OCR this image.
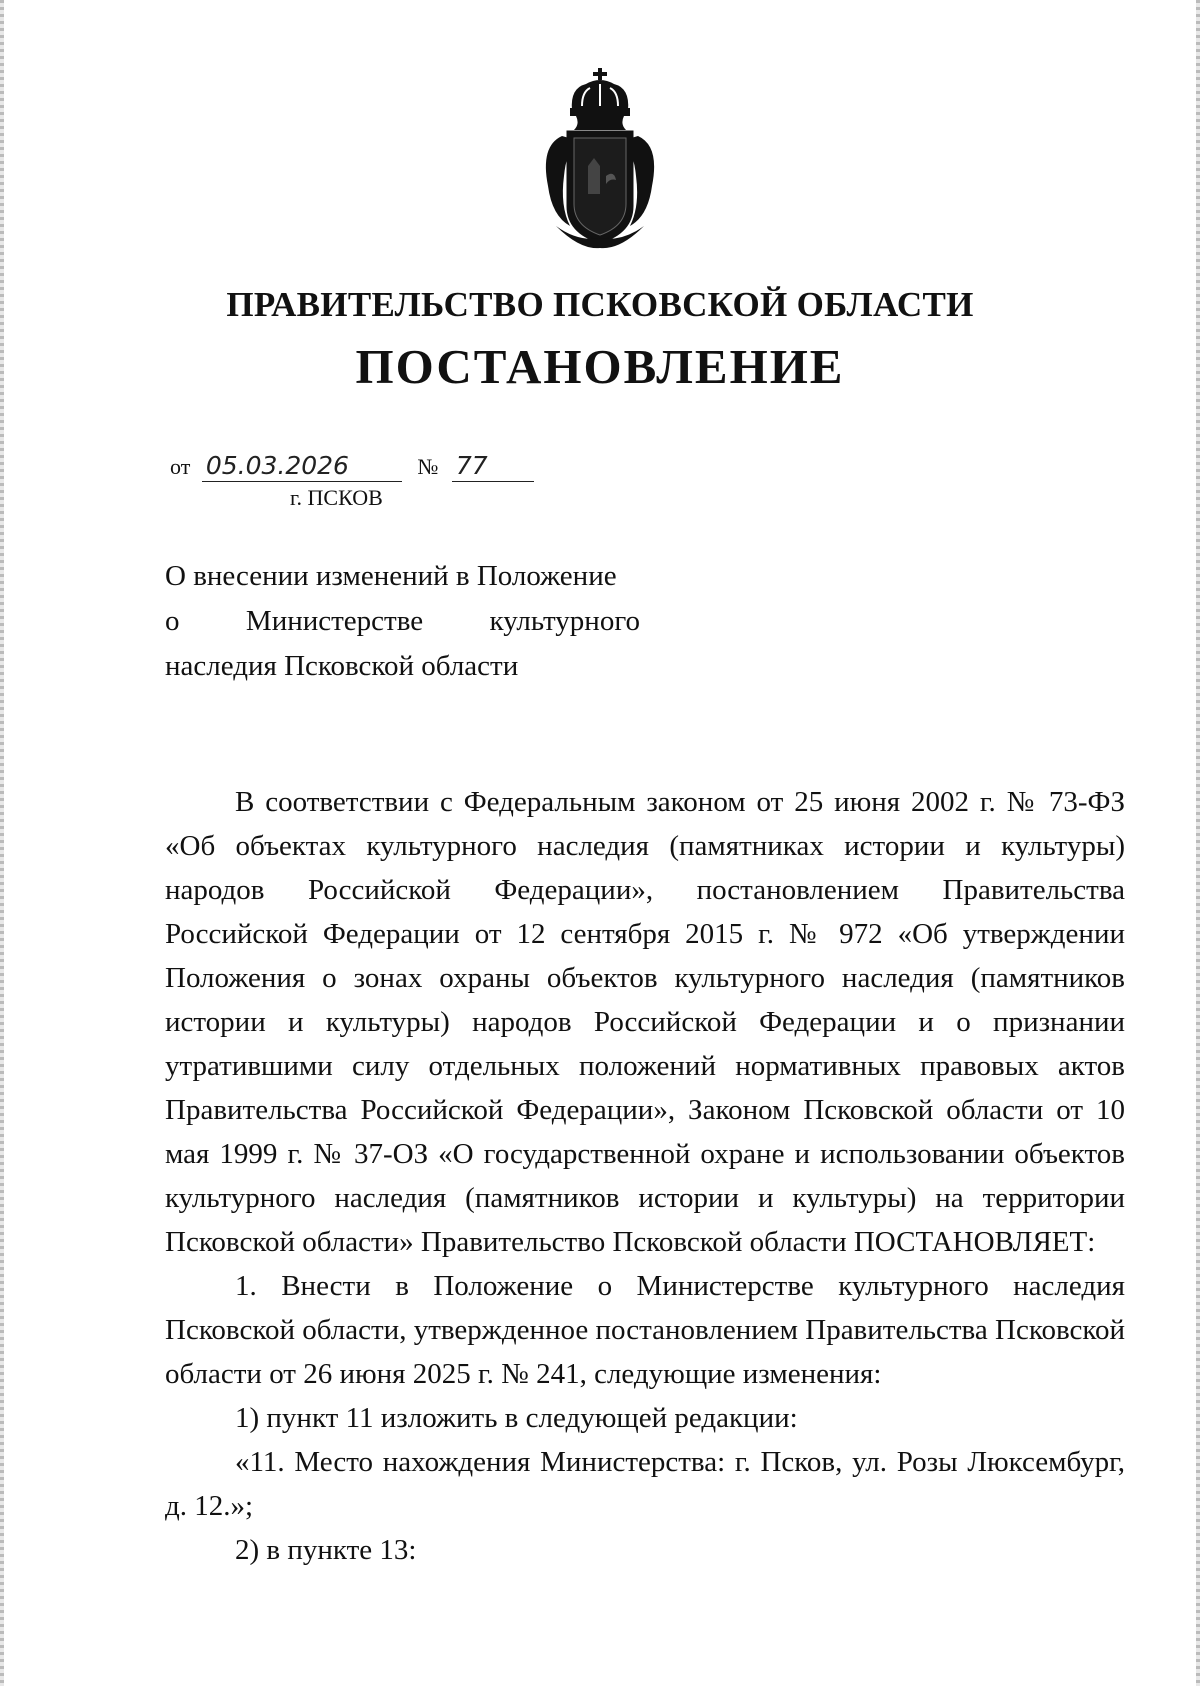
ПРАВИТЕЛЬСТВО ПСКОВСКОЙ ОБЛАСТИ
ПОСТАНОВЛЕНИЕ
от 05.03.2026	№ 77
г. ПСКОВ
О внесении изменений в Положение
о Министерстве культурного
наследия Псковской области

В соответствии с Федеральным законом от 25 июня 2002 г. № 73-ФЗ «Об объектах культурного наследия (памятниках истории и культуры) народов Российской Федерации», постановлением Правительства Российской Федерации от 12 сентября 2015 г. № 972 «Об утверждении Положения о зонах охраны объектов культурного наследия (памятников истории и культуры) народов Российской Федерации и о признании утратившими силу отдельных положений нормативных правовых актов Правительства Российской Федерации», Законом Псковской области от 10 мая 1999 г. № 37-ОЗ «О государственной охране и использовании объектов культурного наследия (памятников истории и культуры) на территории Псковской области» Правительство Псковской области ПОСТАНОВЛЯЕТ:

1. Внести в Положение о Министерстве культурного наследия Псковской области, утвержденное постановлением Правительства Псковской области от 26 июня 2025 г. № 241, следующие изменения:

1) пункт 11 изложить в следующей редакции:

«11. Место нахождения Министерства: г. Псков, ул. Розы Люксембург, д. 12.»;

2) в пункте 13:
